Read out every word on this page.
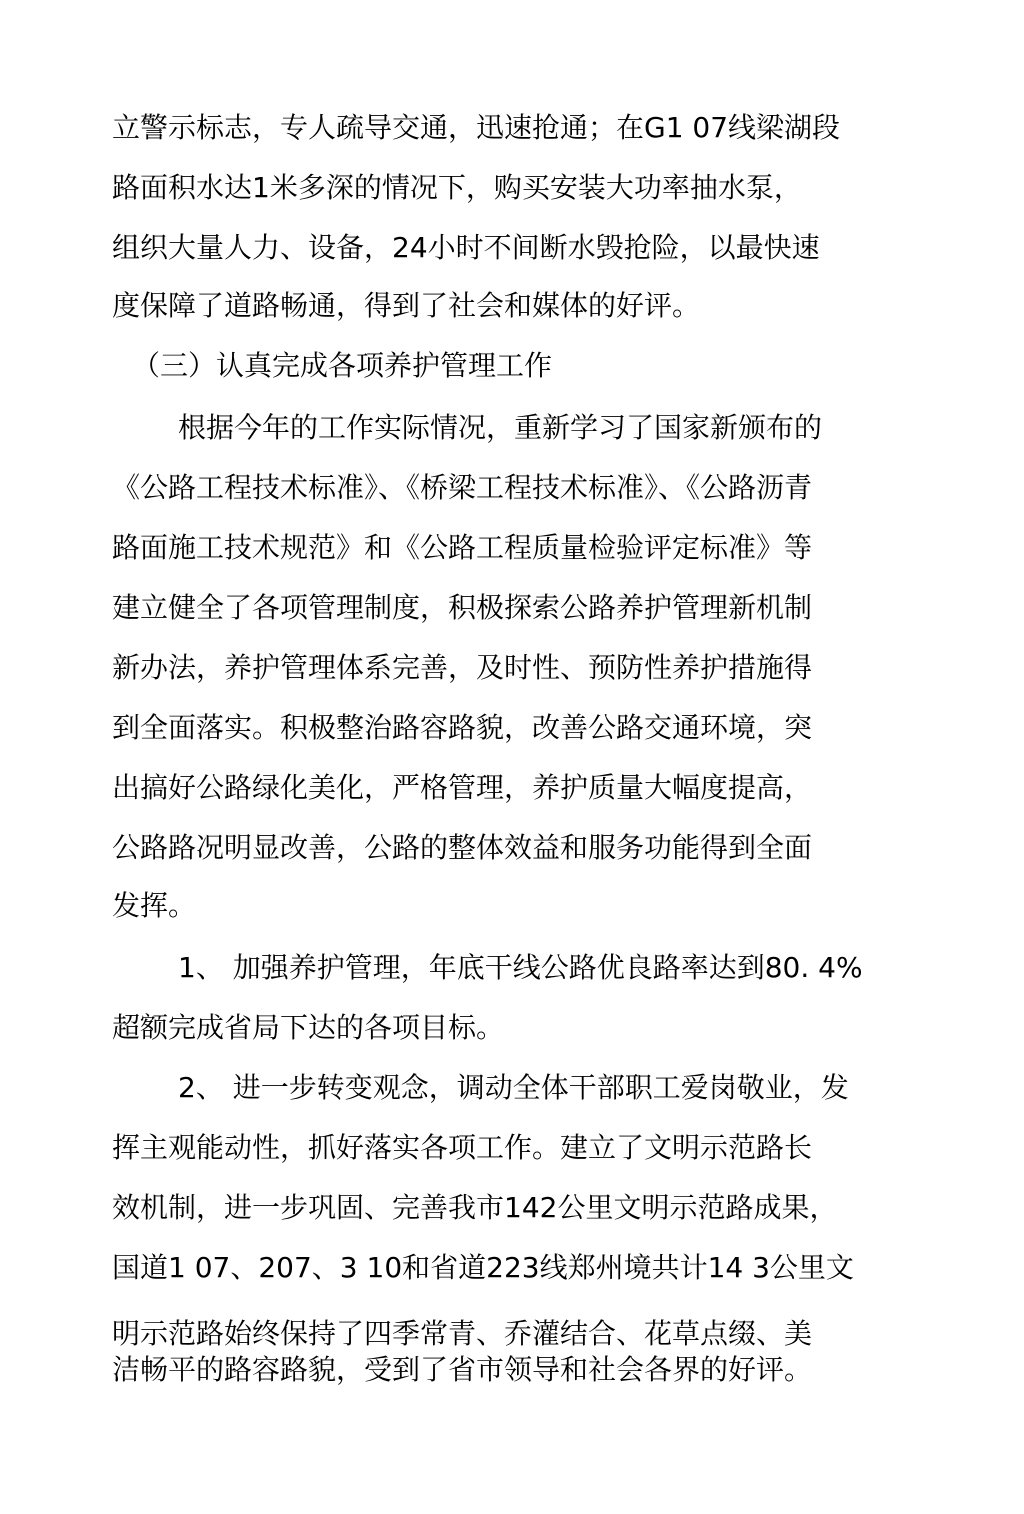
立警示标志，专人疏导交通，迅速抢通；在G1 07线梁湖段
路面积水达1米多深的情况下，购买安装大功率抽水泵，
组织大量人力、设备，24小时不间断水毁抢险，以最快速
度保障了道路畅通，得到了社会和媒体的好评。
（三）认真完成各项养护管理工作
根据今年的工作实际情况，重新学习了国家新颁布的
《公路工程技术标准》、《桥梁工程技术标准》、《公路沥青
路面施工技术规范》和《公路工程质量检验评定标准》等
建立健全了各项管理制度，积极探索公路养护管理新机制
新办法，养护管理体系完善，及时性、预防性养护措施得
到全面落实。积极整治路容路貌，改善公路交通环境，突
出搞好公路绿化美化，严格管理，养护质量大幅度提高，
公路路况明显改善，公路的整体效益和服务功能得到全面
发挥。
1、 加强养护管理，年底干线公路优良路率达到80. 4%
超额完成省局下达的各项目标。
2、 进一步转变观念，调动全体干部职工爱岗敬业，发
挥主观能动性，抓好落实各项工作。建立了文明示范路长
效机制，进一步巩固、完善我市142公里文明示范路成果，
国道1 07、207、3 10和省道223线郑州境共计14 3公里文
明示范路始终保持了四季常青、乔灌结合、花草点缀、美
洁畅平的路容路貌，受到了省市领导和社会各界的好评。
